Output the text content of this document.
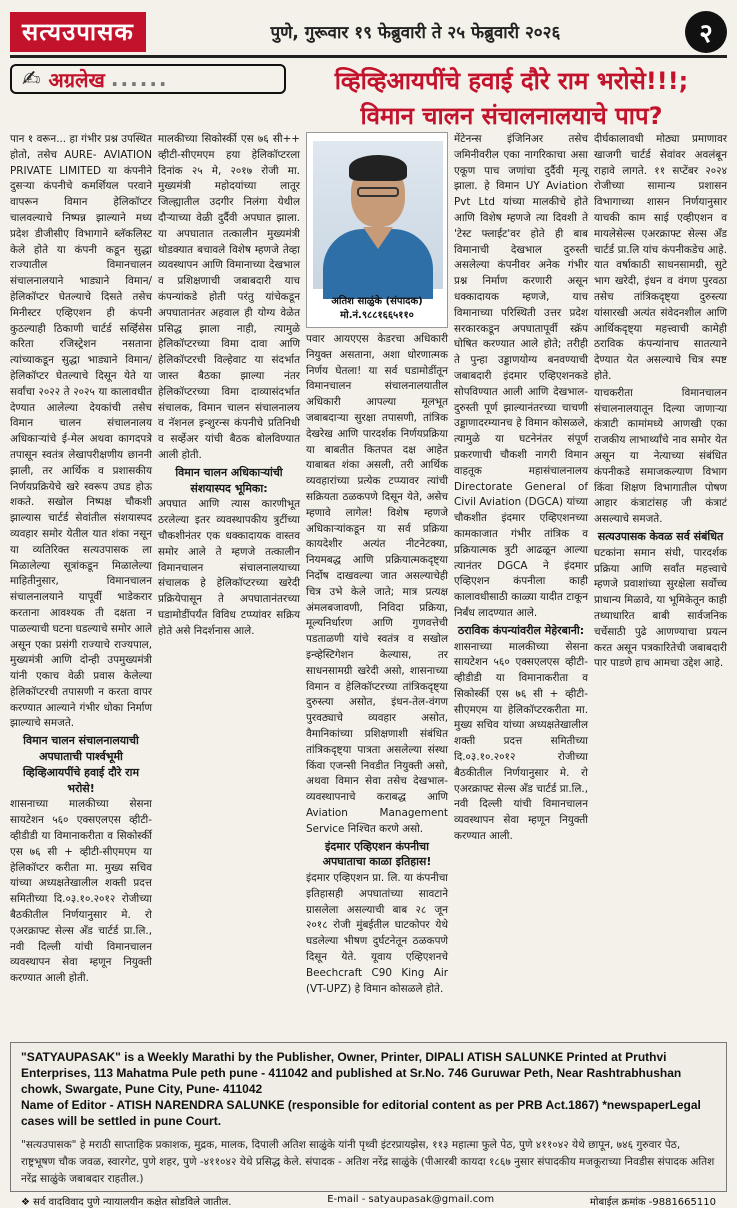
सत्यउपासक	पुणे, गुरूवार १९ फेब्रुवारी ते २५ फेब्रुवारी २०२६	२
✍ अग्रलेख ......	व्हिव्हिआयपींचे हवाई दौरे राम भरोसे!!!;
विमान चालन संचालनालयाचे पाप?

पान १ वरून... हा गंभीर प्रश्न उपस्थित होतो, तसेच AURE- AVIATION PRIVATE LIMITED या कंपनीने दुसऱ्या कंपनीचे कमर्शियल परवाने वापरून विमान हेलिकॉप्टर चालवल्याचे निष्पन्न झाल्याने मध्य प्रदेश डीजीसीए विभागाने ब्लॅकलिस्ट केले होते या कंपनी कडून सुद्धा राज्यातील विमानचालन संचालनालयाने भाड्याने विमान/हेलिकॉप्टर घेतल्याचे दिसते तसेच मिनीस्टर एव्हिएशन ही कंपनी कुठल्याही ठिकाणी चार्टर्ड सर्व्हिसेस करिता रजिस्ट्रेशन नसताना त्यांच्याकडून सुद्धा भाड्याने विमान/हेलिकॉप्टर घेतल्याचे दिसून येते या सर्वांचा २०२२ ते २०२५ या कालावधीत देण्यात आलेल्या देयकांची तसेच विमान चालन संचालनालय अधिकाऱ्यांचे ई-मेल अथवा कागदपत्रे तपासून स्वतंत्र लेखापरीक्षणीय छाननी झाली, तर आर्थिक व प्रशासकीय निर्णयप्रक्रियेचे खरे स्वरूप उघड होऊ शकते. सखोल निष्पक्ष चौकशी झाल्यास चार्टर्ड सेवांतील संशयास्पद व्यवहार समोर येतील यात शंका नसून या व्यतिरिक्त सत्यउपासक ला मिळालेल्या सूत्रांकडून मिळालेल्या माहितीनुसार, विमानचालन संचालनालयाने यापूर्वी भाडेकरार करताना आवश्यक ती दक्षता न पाळल्याची घटना घडल्याचे समोर आले असून एका प्रसंगी राज्याचे राज्यपाल, मुख्यमंत्री आणि दोन्ही उपमुख्यमंत्री यांनी एकाच वेळी प्रवास केलेल्या हेलिकॉप्टरची तपासणी न करता वापर करण्यात आल्याने गंभीर धोका निर्माण झाल्याचे समजते.

विमान चालन संचालनालयाची अपघाताची पार्श्वभूमी व्हिव्हिआयपींचे हवाई दौरे राम भरोसे!

शासनाच्या मालकीच्या सेसना सायटेशन ५६० एक्सएलएस व्हीटी-व्हीडीडी या विमानाकरीता व सिकोर्स्की एस ७६ सी + व्हीटी-सीएमएम या हेलिकॉप्टर करीता मा. मुख्य सचिव यांच्या अध्यक्षतेखालील शक्ती प्रदत्त समितीच्या दि.०३.१०.२०१२ रोजीच्या बैठकीतील निर्णयानुसार मे. रो एअरक्राफ्ट सेल्स अँड चार्टर्ड प्रा.लि., नवी दिल्ली यांची विमानचालन व्यवस्थापन सेवा म्हणून नियुक्ती करण्यात आली होती.

मालकीच्या सिकोर्स्की एस ७६ सी++ व्हीटी-सीएमएम हया हेलिकॉप्टरला दिनांक २५ मे, २०१७ रोजी मा. मुख्यमंत्री महोदयांच्या लातूर जिल्ह्यातील उदगीर निलंगा येथील दौऱ्याच्या वेळी दुर्दैवी अपघात झाला. या अपघातात तत्कालीन मुख्यमंत्री थोडक्यात बचावले विशेष म्हणजे तेव्हा व्यवस्थापन आणि विमानाच्या देखभाल व प्रशिक्षणाची जबाबदारी याच कंपन्यांकडे होती परंतु यांचेकडून अपघातानंतर अहवाल ही योग्य वेळेत प्रसिद्ध झाला नाही, त्यामुळे हेलिकॉप्टरच्या विमा दावा आणि हेलिकॉप्टरची विल्हेवाट या संदर्भात जास्त बैठका झाल्या नंतर हेलिकॉप्टरच्या विमा दाव्यासंदर्भात संचालक, विमान चालन संचालनालय व नॅशनल इन्शुरन्स कंपनीचे प्रतिनिधी व सर्व्हेअर यांची बैठक बोलविण्यात आली होती.

विमान चालन अधिकाऱ्यांची संशयास्पद भूमिका:

अपघात आणि त्यास कारणीभूत ठरलेल्या इतर व्यवस्थापकीय त्रुटींच्या चौकशीनंतर एक धक्कादायक वास्तव समोर आले ते म्हणजे तत्कालीन विमानचालन संचालनालयाच्या संचालक हे हेलिकॉप्टरच्या खरेदी प्रक्रियेपासून ते अपघातानंतरच्या घडामोडींपर्यंत विविध टप्प्यांवर सक्रिय होते असे निदर्शनास आले.

पवार आयएएस केडरचा अधिकारी नियुक्त असताना, अशा धोरणात्मक निर्णय घेतला! या सर्व घडामोडींतून विमानचालन संचालनालयातील अधिकारी आपल्या मूलभूत जबाबदाऱ्या सुरक्षा तपासणी, तांत्रिक देखरेख आणि पारदर्शक निर्णयप्रक्रिया या बाबतीत कितपत दक्ष आहेत याबाबत शंका असली, तरी आर्थिक व्यवहारांच्या प्रत्येक टप्प्यावर त्यांची सक्रियता ठळकपणे दिसून येते, असेच म्हणावे लागेल! विशेष म्हणजे अधिकाऱ्यांकडून या सर्व प्रक्रिया कायदेशीर अत्यंत नीटनेटक्या, नियमबद्ध आणि प्रक्रियात्मकदृष्ट्या निर्दोष दाखवल्या जात असल्याचेही चित्र उभे केले जाते; मात्र प्रत्यक्ष अंमलबजावणी, निविदा प्रक्रिया, मूल्यनिर्धारण आणि गुणवत्तेची पडताळणी यांचे स्वतंत्र व सखोल इन्व्हेस्टिगेशन केल्यास, तर साधनसामग्री खरेदी असो, शासनाच्या विमान व हेलिकॉप्टरच्या तांत्रिकदृष्ट्या दुरुस्त्या असोत, इंधन-तेल-वंगण पुरवठ्याचे व्यवहार असोत, वैमानिकांच्या प्रशिक्षणाशी संबंधित तांत्रिकदृष्ट्या पात्रता असलेल्या संस्था किंवा एजन्सी निवडीत नियुक्ती असो, अथवा विमान सेवा तसेच देखभाल-व्यवस्थापनाचे कराबद्ध आणि Aviation Management Service निश्चित करणे असो.

इंदमार एव्हिएशन कंपनीचा अपघाताचा काळा इतिहास!

इंदमार एव्हिएशन प्रा. लि. या कंपनीचा इतिहासही अपघातांच्या सावटाने ग्रासलेला असल्याची बाब २८ जून २०१८ रोजी मुंबईतील घाटकोपर येथे घडलेल्या भीषण दुर्घटनेतून ठळकपणे दिसून येते. यूवाय एव्हिएशनचे Beechcraft C90 King Air (VT-UPZ) हे विमान कोसळले होते.

अतिश साळुंके (संपादक)
मो.नं.९८८१६६५११०

मेंटेनन्स इंजिनिअर तसेच जमिनीवरील एका नागरिकाचा असा एकूण पाच जणांचा दुर्दैवी मृत्यू झाला. हे विमान UY Aviation Pvt Ltd यांच्या मालकीचे होते आणि विशेष म्हणजे त्या दिवशी ते 'टेस्ट फ्लाईट'वर होते ही बाब विमानाची देखभाल दुरुस्ती असलेल्या कंपनीवर अनेक गंभीर प्रश्न निर्माण करणारी असून धक्कादायक म्हणजे, याच विमानाच्या परिस्थिती उत्तर प्रदेश सरकारकडून अपघातापूर्वी स्क्रॅप घोषित करण्यात आले होते; तरीही ते पुन्हा उड्डाणयोग्य बनवण्याची जबाबदारी इंदमार एव्हिएशनकडे सोपविण्यात आली आणि देखभाल-दुरुस्ती पूर्ण झाल्यानंतरच्या चाचणी उड्डाणादरम्यानच हे विमान कोसळले, त्यामुळे या घटनेनंतर संपूर्ण प्रकरणाची चौकशी नागरी विमान वाहतूक महासंचालनालय Directorate General of Civil Aviation (DGCA) यांच्या चौकशीत इंदमार एव्हिएशनच्या कामकाजात गंभीर तांत्रिक व प्रक्रियात्मक त्रुटी आढळून आल्या त्यानंतर DGCA ने इंदमार एव्हिएशन कंपनीला काही कालावधीसाठी काळ्या यादीत टाकून निर्बंध लादण्यात आले.

ठराविक कंपन्यांवरील मेहेरबानी:

शासनाच्या मालकीच्या सेसना सायटेशन ५६० एक्सएलएस व्हीटी-व्हीडीडी या विमानाकरीता व सिकोर्स्की एस ७६ सी + व्हीटी-सीएमएम या हेलिकॉप्टरकरीता मा. मुख्य सचिव यांच्या अध्यक्षतेखालील शक्ती प्रदत्त समितीच्या दि.०३.१०.२०१२ रोजीच्या बैठकीतील निर्णयानुसार मे. रो एअरक्राफ्ट सेल्स अँड चार्टर्ड प्रा.लि., नवी दिल्ली यांची विमानचालन व्यवस्थापन सेवा म्हणून नियुक्ती करण्यात आली.

दीर्घकालावधी मोठ्या प्रमाणावर खाजगी चार्टर्ड सेवांवर अवलंबून राहावे लागते. ११ सप्टेंबर २०२४ रोजीच्या सामान्य प्रशासन विभागाच्या शासन निर्णयानुसार याचकी काम साई एव्हीएशन व मायलेसेल्स एअरक्राफ्ट सेल्स अँड चार्टर्ड प्रा.लि यांच कंपनीकडेच आहे. यात वर्षाकाठी साधनसामग्री, सुटे भाग खरेदी, इंधन व वंगण पुरवठा तसेच तांत्रिकदृष्ट्या दुरुस्त्या यांसारखी अत्यंत संवेदनशील आणि आर्थिकदृष्ट्या महत्त्वाची कामेही ठराविक कंपन्यांनाच सातत्याने देण्यात येत असल्याचे चित्र स्पष्ट होते.

याचकरीता विमानचालन संचालनालयातून दिल्या जाणाऱ्या कंत्राटी कामांमध्ये आणखी एका राजकीय लाभार्थ्यांचे नाव समोर येत असून या नेत्याच्या संबंधित कंपनीकडे समाजकल्याण विभाग किंवा शिक्षण विभागातील पोषण आहार कंत्राटांसह जी कंत्राटं असल्याचे समजते.

सत्यउपासक केवळ सर्व संबंधित

घटकांना समान संधी, पारदर्शक प्रक्रिया आणि सर्वांत महत्त्वाचे म्हणजे प्रवाशांच्या सुरक्षेला सर्वोच्च प्राधान्य मिळावे, या भूमिकेतून काही तथ्याधारित बाबी सार्वजनिक चर्चेसाठी पुढे आणण्याचा प्रयत्न करत असून पत्रकारितेची जबाबदारी पार पाडणे हाच आमचा उद्देश आहे.

"SATYAUPASAK" is a Weekly Marathi by the Publisher, Owner, Printer, DIPALI ATISH SALUNKE Printed at Pruthvi Enterprises, 113 Mahatma Pule peth pune - 411042 and published at Sr.No. 746 Guruwar Peth, Near Rashtrabhushan chowk, Swargate, Pune City, Pune- 411042
Name of Editor - ATISH NARENDRA SALUNKE (responsible for editorial content as per PRB Act.1867) *newspaperLegal cases will be settled in pune Court.
"सत्यउपासक" हे मराठी साप्ताहिक प्रकाशक, मुद्रक, मालक, दिपाली अतिश साळुंके यांनी पृथ्वी इंटरप्रायझेस, ११३ महात्मा फुले पेठ, पुणे ४११०४२ येथे छापून, ७४६ गुरुवार पेठ, राष्ट्रभूषण चौक जवळ, स्वारगेट, पुणे शहर, पुणे -४११०४२ येथे प्रसिद्ध केले. संपादक - अतिश नरेंद्र साळुंके (पीआरबी कायदा १८६७ नुसार संपादकीय मजकूराच्या निवडीस संपादक अतिश नरेंद्र साळुंके जबाबदार राहतील.)
❖ सर्व वादविवाद पुणे न्यायालयीन कक्षेत सोडविले जातील.	E-mail - satyaupasak@gmail.com	मोबाईल क्रमांक -9881665110
